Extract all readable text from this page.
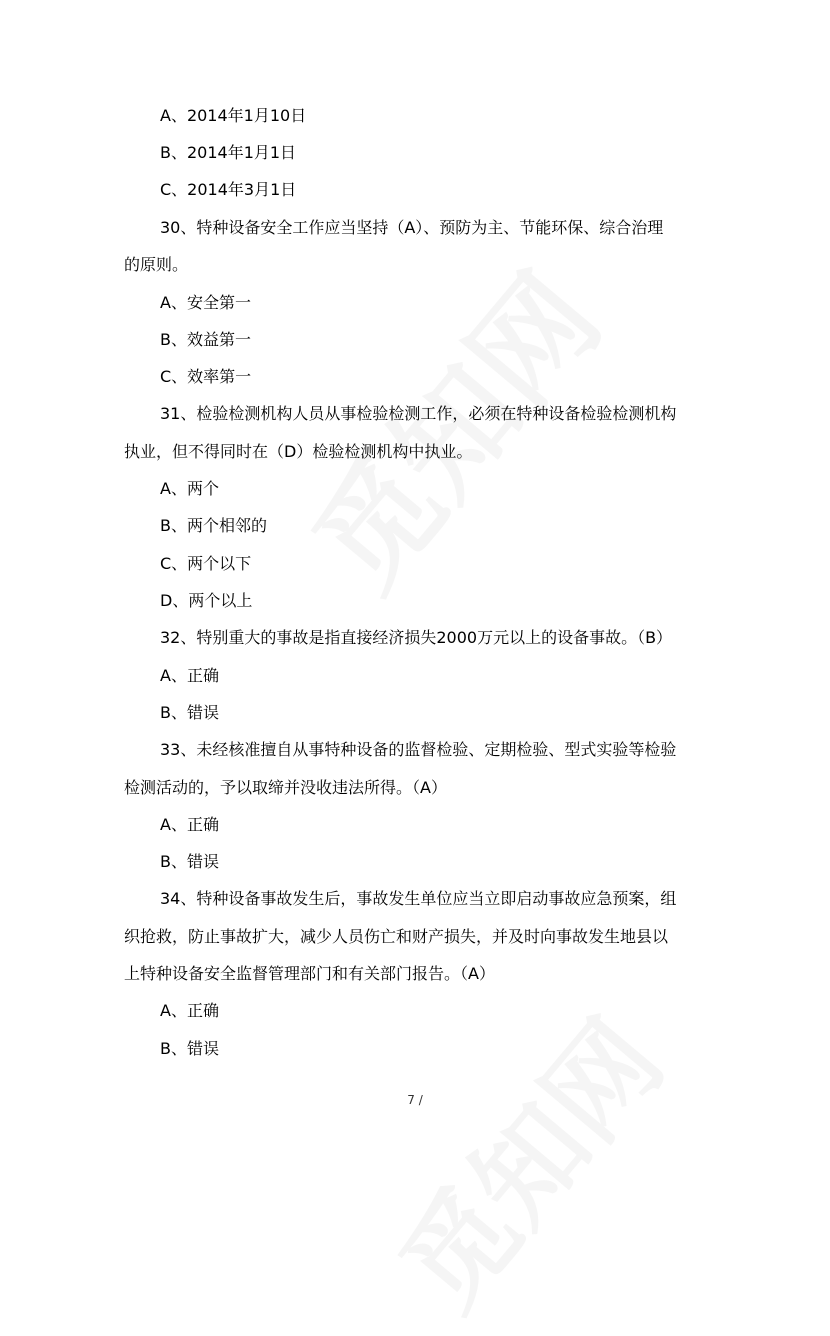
A、2014年1月10日
B、2014年1月1日
C、2014年3月1日
30、特种设备安全工作应当坚持（A）、预防为主、节能环保、综合治理
的原则。
A、安全第一
B、效益第一
C、效率第一
31、检验检测机构人员从事检验检测工作，必须在特种设备检验检测机构
执业，但不得同时在（D）检验检测机构中执业。
A、两个
B、两个相邻的
C、两个以下
D、两个以上
32、特别重大的事故是指直接经济损失2000万元以上的设备事故。（B）
A、正确
B、错误
33、未经核准擅自从事特种设备的监督检验、定期检验、型式实验等检验
检测活动的，予以取缔并没收违法所得。（A）
A、正确
B、错误
34、特种设备事故发生后，事故发生单位应当立即启动事故应急预案，组
织抢救，防止事故扩大，减少人员伤亡和财产损失，并及时向事故发生地县以
上特种设备安全监督管理部门和有关部门报告。（A）
A、正确
B、错误
7 /
